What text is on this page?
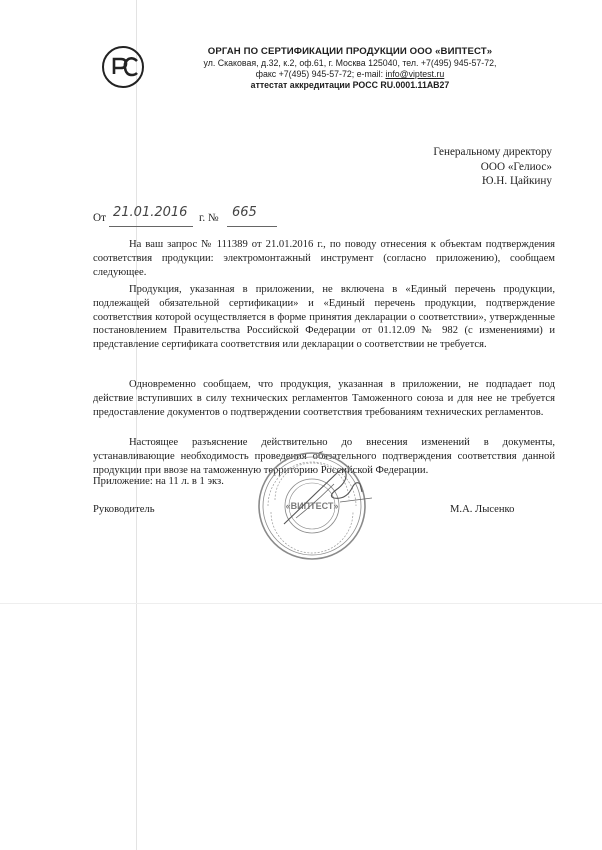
ОРГАН ПО СЕРТИФИКАЦИИ ПРОДУКЦИИ ООО «ВИПТЕСТ»
ул. Скаковая, д.32, к.2, оф.61, г. Москва 125040, тел. +7(495) 945-57-72,
факс +7(495) 945-57-72; e-mail: info@viptest.ru
аттестат аккредитации РОСС RU.0001.11АВ27
Генеральному директору
ООО «Гелиос»
Ю.Н. Цайкину
От 21.01.2016 г. № 665

На ваш запрос № 111389 от 21.01.2016 г., по поводу отнесения к объектам подтверждения соответствия продукции: электромонтажный инструмент (согласно приложению), сообщаем следующее.

Продукция, указанная в приложении, не включена в «Единый перечень продукции, подлежащей обязательной сертификации» и «Единый перечень продукции, подтверждение соответствия которой осуществляется в форме принятия декларации о соответствии», утвержденные постановлением Правительства Российской Федерации от 01.12.09 № 982 (с изменениями) и представление сертификата соответствия или декларации о соответствии не требуется.

Одновременно сообщаем, что продукция, указанная в приложении, не подпадает под действие вступивших в силу технических регламентов Таможенного союза и для нее не требуется предоставление документов о подтверждении соответствия требованиям технических регламентов.

Настоящее разъяснение действительно до внесения изменений в документы, устанавливающие необходимость проведения обязательного подтверждения соответствия данной продукции при ввозе на таможенную территорию Российской Федерации.

Приложение: на 11 л. в 1 экз.
«ВИПТЕСТ»
Руководитель	М.А. Лысенко
